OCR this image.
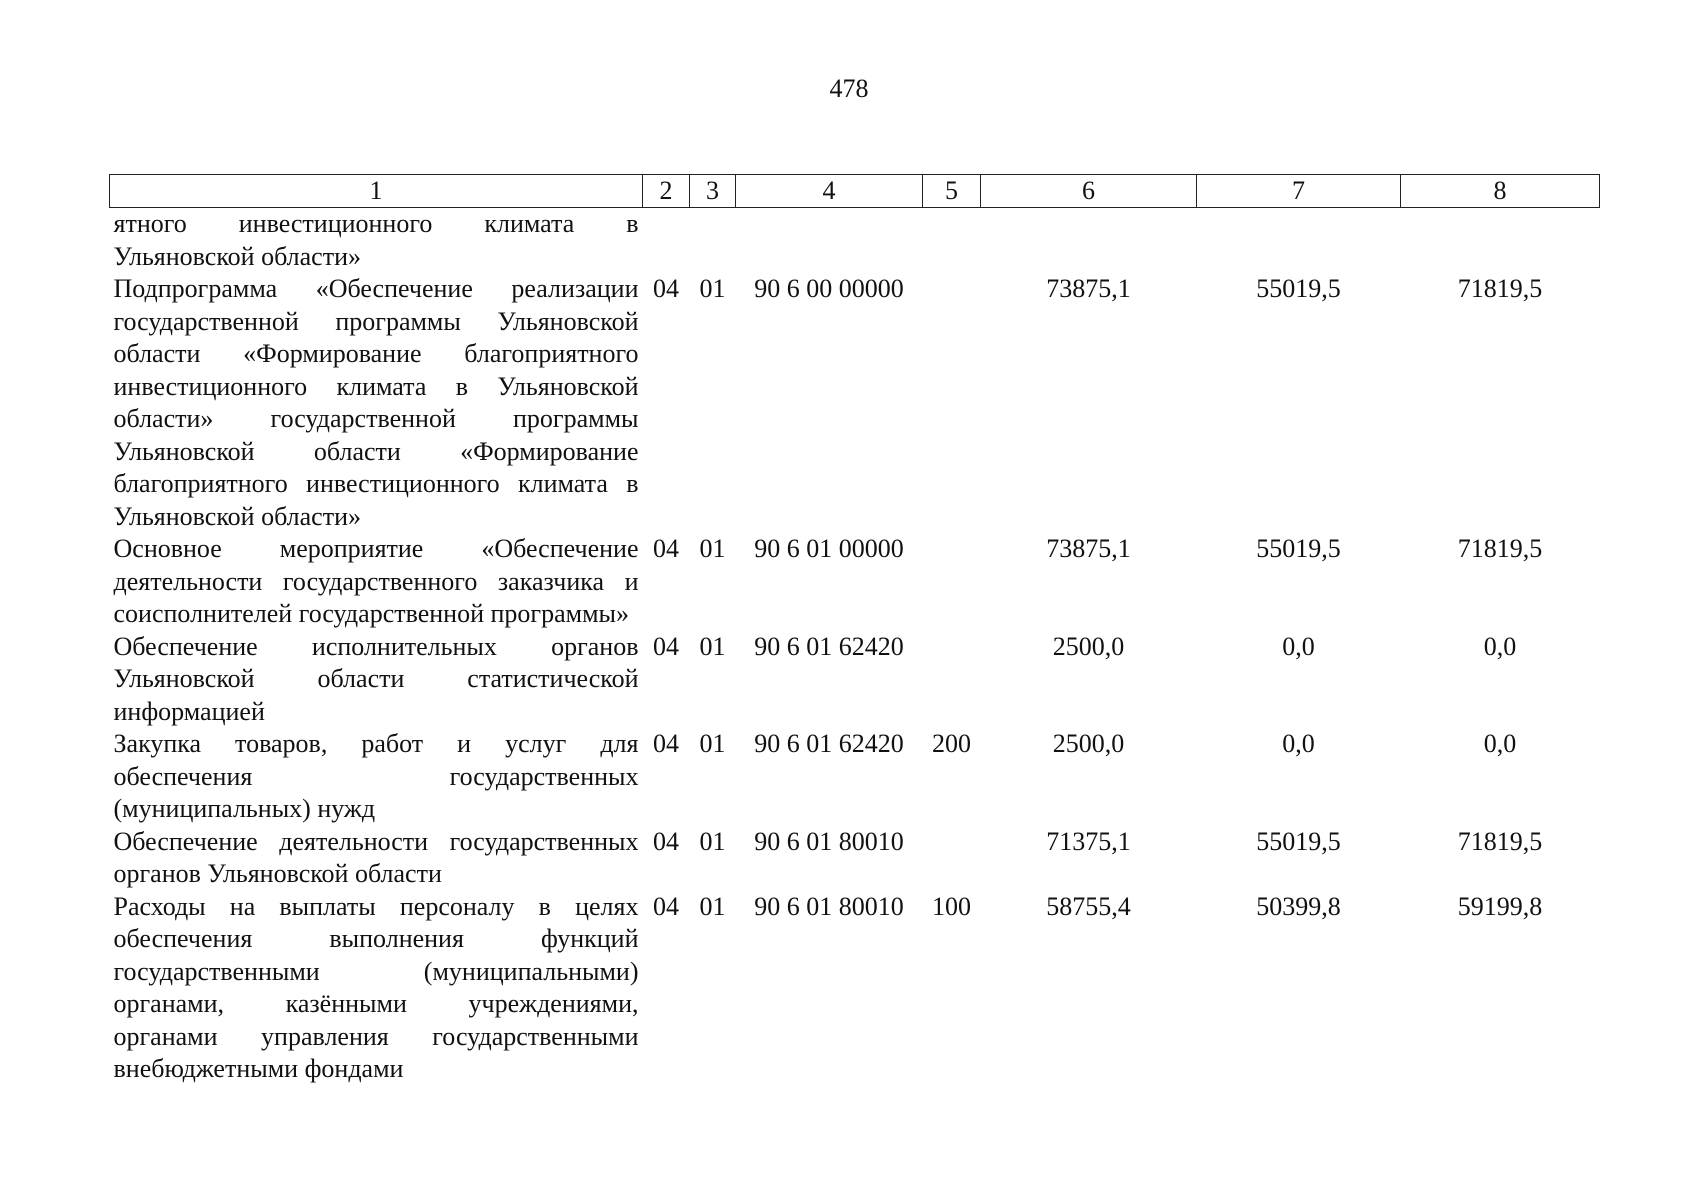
478
1	2	3	4	5	6	7	8
ятного инвестиционного климата в Ульяновской области»							
Подпрограмма «Обеспечение реализации государственной программы Ульяновской области «Формирование благоприятного инвестиционного климата в Ульяновской области» государственной программы Ульяновской области «Формирование благоприятного инвестиционного климата в Ульяновской области»	04	01	90 6 00 00000		73875,1	55019,5	71819,5
Основное мероприятие «Обеспечение деятельности государственного заказчика и соисполнителей государственной программы»	04	01	90 6 01 00000		73875,1	55019,5	71819,5
Обеспечение исполнительных органов Ульяновской области статистической информацией	04	01	90 6 01 62420		2500,0	0,0	0,0
Закупка товаров, работ и услуг для обеспечения государственных (муниципальных) нужд	04	01	90 6 01 62420	200	2500,0	0,0	0,0
Обеспечение деятельности государственных органов Ульяновской области	04	01	90 6 01 80010		71375,1	55019,5	71819,5
Расходы на выплаты персоналу в целях обеспечения выполнения функций государственными (муниципальными) органами, казёнными учреждениями, органами управления государственными внебюджетными фондами	04	01	90 6 01 80010	100	58755,4	50399,8	59199,8
